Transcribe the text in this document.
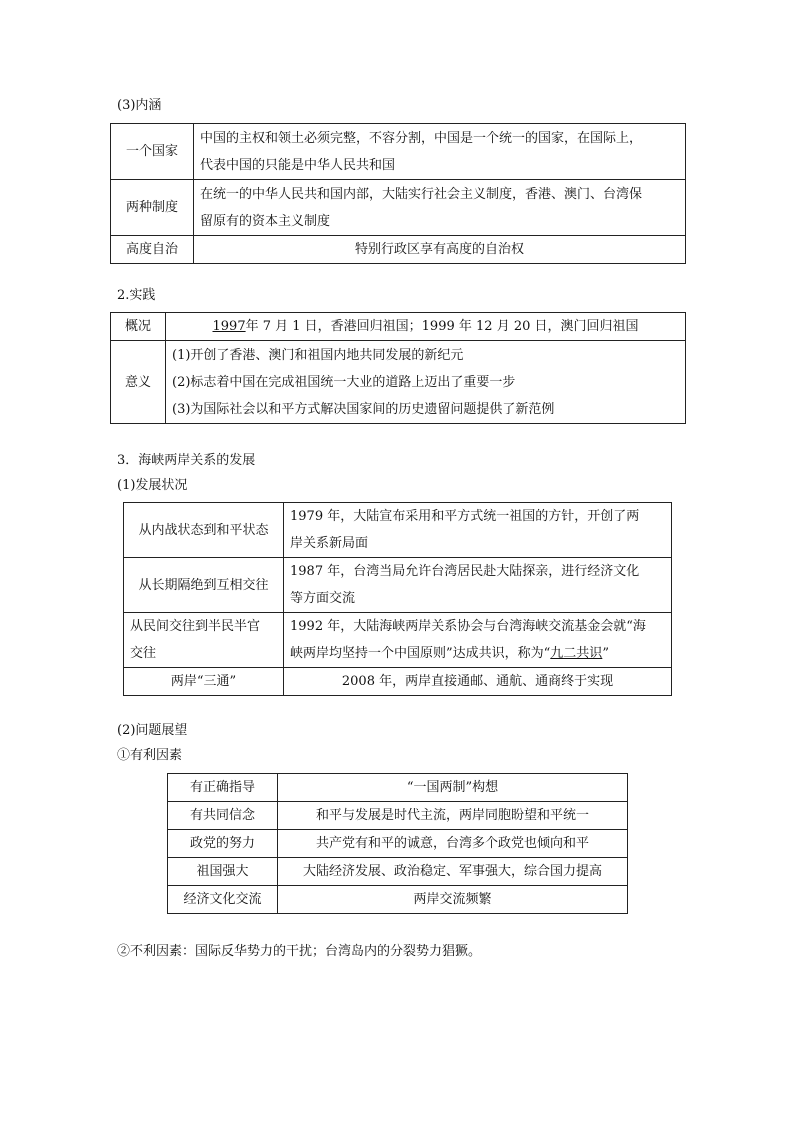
(3)内涵
一个国家	中国的主权和领土必须完整，不容分割，中国是一个统一的国家，在国际上，
代表中国的只能是中华人民共和国

两种制度	在统一的中华人民共和国内部，大陆实行社会主义制度，香港、澳门、台湾保
留原有的资本主义制度

高度自治	特别行政区享有高度的自治权
2.实践
概况	1997年 7 月 1 日，香港回归祖国；1999 年 12 月 20 日，澳门回归祖国
意义	(1)开创了香港、澳门和祖国内地共同发展的新纪元
(2)标志着中国在完成祖国统一大业的道路上迈出了重要一步
(3)为国际社会以和平方式解决国家间的历史遗留问题提供了新范例
3．海峡两岸关系的发展
(1)发展状况
从内战状态到和平状态	1979 年，大陆宣布采用和平方式统一祖国的方针，开创了两
岸关系新局面

从长期隔绝到互相交往	1987 年，台湾当局允许台湾居民赴大陆探亲，进行经济文化
等方面交流

从民间交往到半民半官
交往	1992 年，大陆海峡两岸关系协会与台湾海峡交流基金会就“海
峡两岸均坚持一个中国原则”达成共识，称为“九二共识”

两岸“三通”	2008 年，两岸直接通邮、通航、通商终于实现
(2)问题展望
①有利因素
有正确指导	“一国两制”构想
有共同信念	和平与发展是时代主流，两岸同胞盼望和平统一
政党的努力	共产党有和平的诚意，台湾多个政党也倾向和平
祖国强大	大陆经济发展、政治稳定、军事强大，综合国力提高
经济文化交流	两岸交流频繁
②不利因素：国际反华势力的干扰；台湾岛内的分裂势力猖獗。
